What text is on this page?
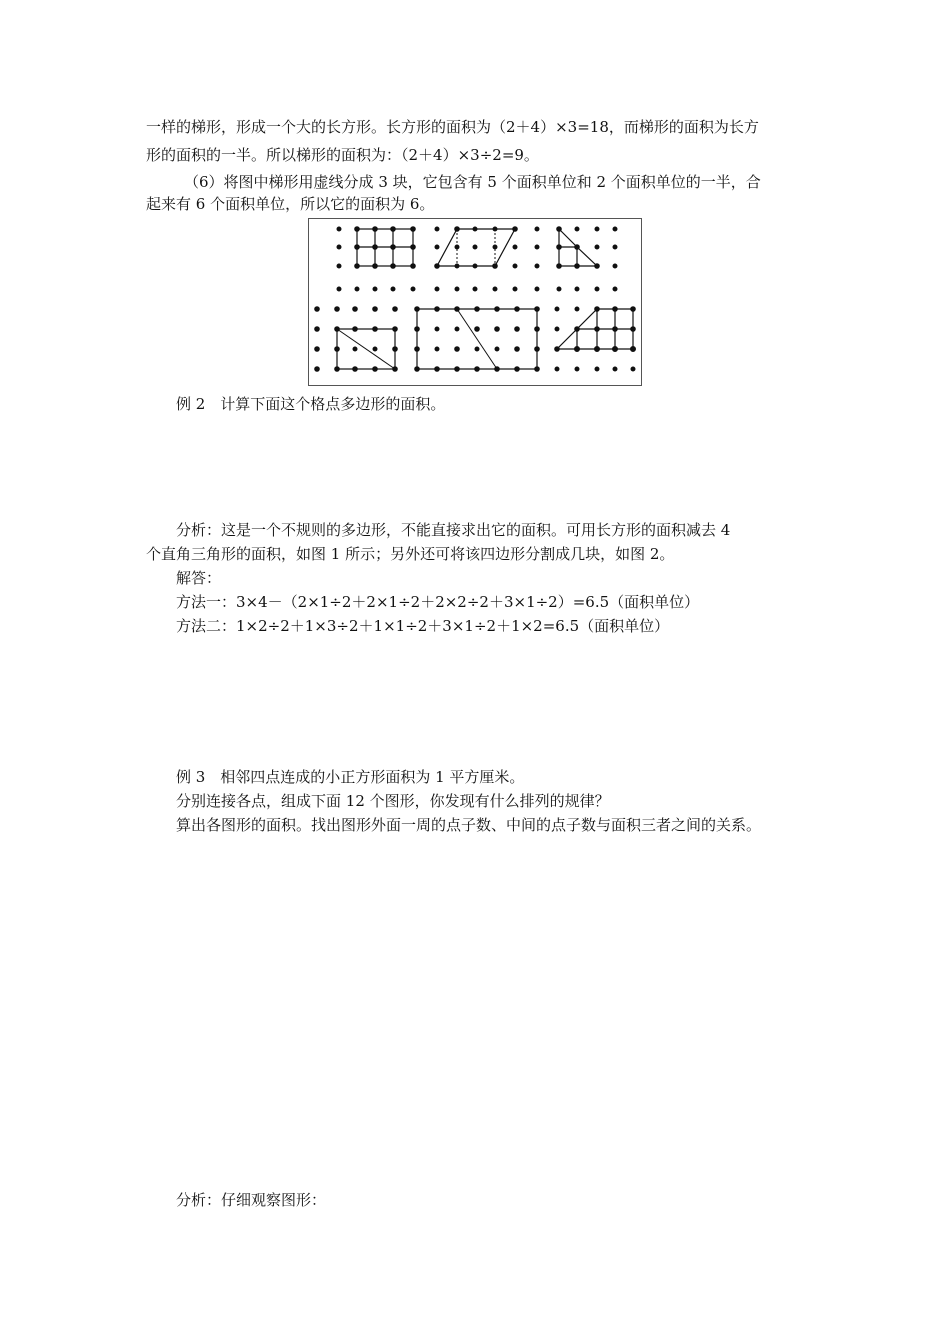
一样的梯形，形成一个大的长方形。长方形的面积为（2＋4）×3=18，而梯形的面积为长方
形的面积的一半。所以梯形的面积为：（2＋4）×3÷2=9。
（6）将图中梯形用虚线分成 3 块，它包含有 5 个面积单位和 2 个面积单位的一半，合
起来有 6 个面积单位，所以它的面积为 6。
例 2　计算下面这个格点多边形的面积。
分析：这是一个不规则的多边形，不能直接求出它的面积。可用长方形的面积减去 4
个直角三角形的面积，如图 1 所示；另外还可将该四边形分割成几块，如图 2。
解答：
方法一：3×4－（2×1÷2＋2×1÷2＋2×2÷2＋3×1÷2）=6.5（面积单位）
方法二：1×2÷2＋1×3÷2＋1×1÷2＋3×1÷2＋1×2=6.5（面积单位）
例 3　相邻四点连成的小正方形面积为 1 平方厘米。
分别连接各点，组成下面 12 个图形，你发现有什么排列的规律？
算出各图形的面积。找出图形外面一周的点子数、中间的点子数与面积三者之间的关系。
分析：仔细观察图形：
